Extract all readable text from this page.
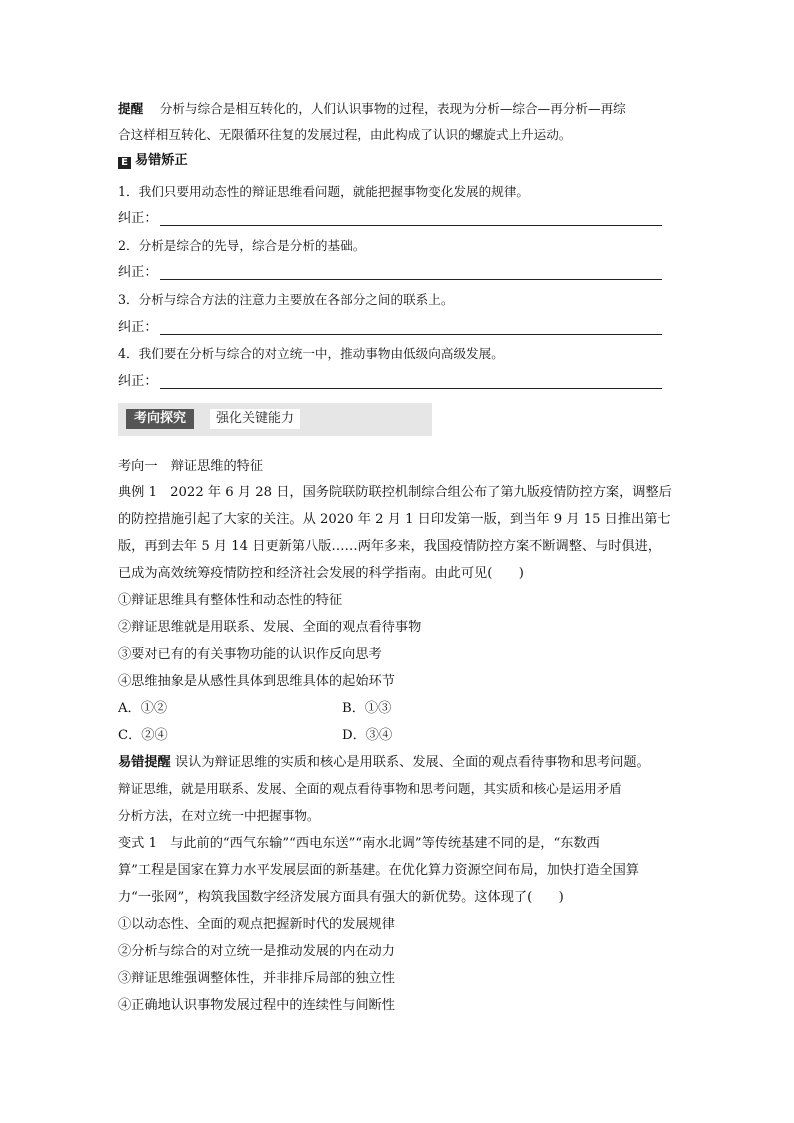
提醒　 分析与综合是相互转化的，人们认识事物的过程，表现为分析—综合—再分析—再综
合这样相互转化、无限循环往复的发展过程，由此构成了认识的螺旋式上升运动。
E 易错矫正
1．我们只要用动态性的辩证思维看问题，就能把握事物变化发展的规律。
纠正：
2．分析是综合的先导，综合是分析的基础。
纠正：
3．分析与综合方法的注意力主要放在各部分之间的联系上。
纠正：
4．我们要在分析与综合的对立统一中，推动事物由低级向高级发展。
纠正：
考向探究	强化关键能力
考向一　 辩证思维的特征
典例 1　 2022 年 6 月 28 日，国务院联防联控机制综合组公布了第九版疫情防控方案，调整后
的防控措施引起了大家的关注。从 2020 年 2 月 1 日印发第一版，到当年 9 月 15 日推出第七
版，再到去年 5 月 14 日更新第八版……两年多来，我国疫情防控方案不断调整、与时俱进，
已成为高效统筹疫情防控和经济社会发展的科学指南。由此可见(　　)
①辩证思维具有整体性和动态性的特征
②辩证思维就是用联系、发展、全面的观点看待事物
③要对已有的有关事物功能的认识作反向思考
④思维抽象是从感性具体到思维具体的起始环节
A．①②	B．①③
C．②④	D．③④
易错提醒 误认为辩证思维的实质和核心是用联系、发展、全面的观点看待事物和思考问题。
辩证思维，就是用联系、发展、全面的观点看待事物和思考问题，其实质和核心是运用矛盾
分析方法，在对立统一中把握事物。
变式 1　 与此前的“西气东输”“西电东送”“南水北调”等传统基建不同的是，“东数西
算”工程是国家在算力水平发展层面的新基建。在优化算力资源空间布局，加快打造全国算
力“一张网”，构筑我国数字经济发展方面具有强大的新优势。这体现了(　　)
①以动态性、全面的观点把握新时代的发展规律
②分析与综合的对立统一是推动发展的内在动力
③辩证思维强调整体性，并非排斥局部的独立性
④正确地认识事物发展过程中的连续性与间断性
